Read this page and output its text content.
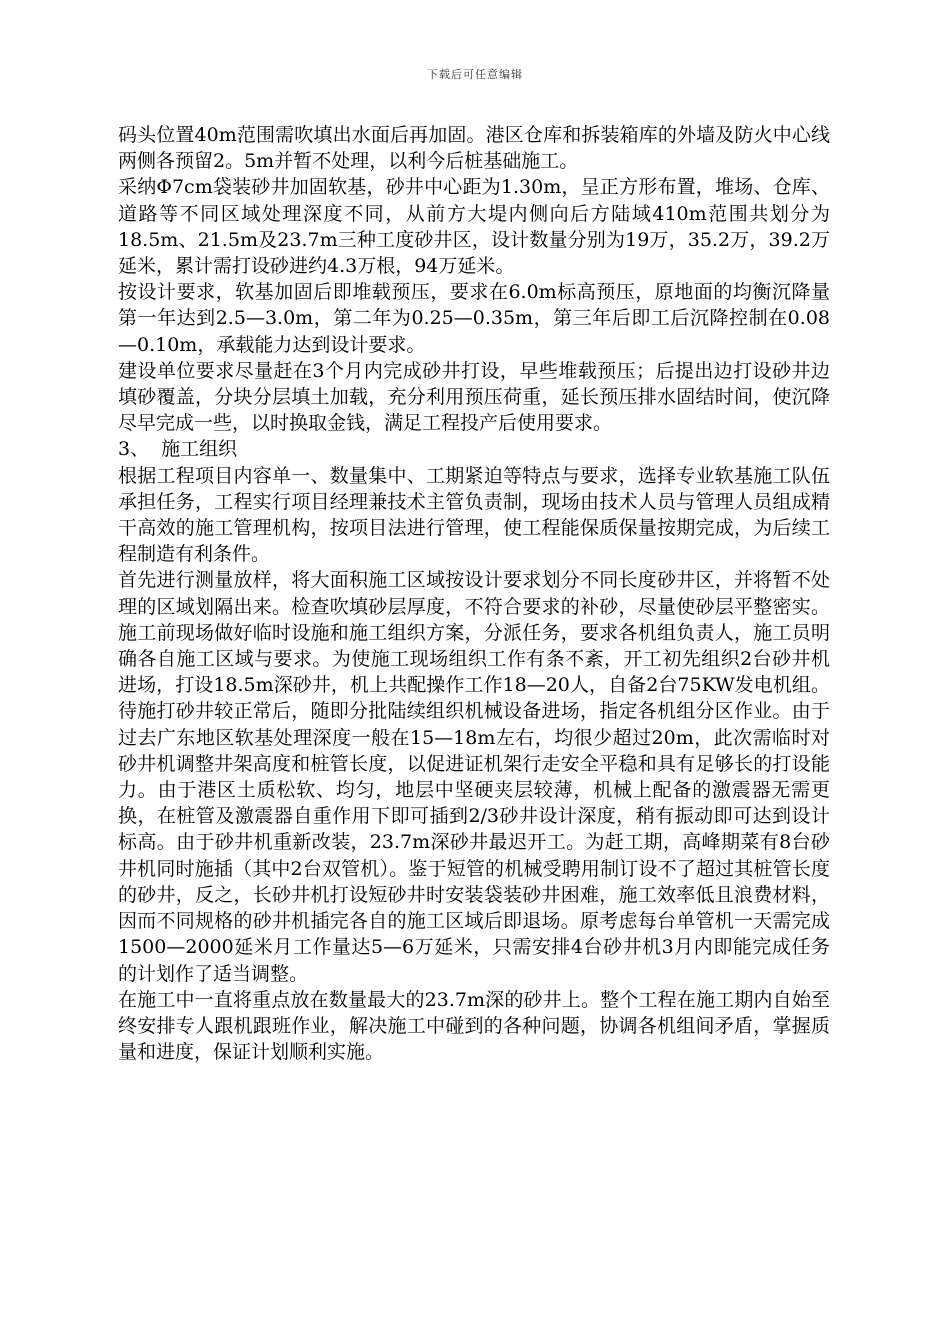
下载后可任意编辑

码头位置40m范围需吹填出水面后再加固。港区仓库和拆装箱库的外墙及防火中心线两侧各预留2。5m并暂不处理，以利今后桩基础施工。

采纳Φ7cm袋装砂井加固软基，砂井中心距为1.30m，呈正方形布置，堆场、仓库、道路等不同区域处理深度不同，从前方大堤内侧向后方陆域410m范围共划分为18.5m、21.5m及23.7m三种工度砂井区，设计数量分别为19万，35.2万，39.2万延米，累计需打设砂进约4.3万根，94万延米。

按设计要求，软基加固后即堆载预压，要求在6.0m标高预压，原地面的均衡沉降量第一年达到2.5—3.0m，第二年为0.25—0.35m，第三年后即工后沉降控制在0.08—0.10m，承载能力达到设计要求。

建设单位要求尽量赶在3个月内完成砂井打设，早些堆载预压；后提出边打设砂井边填砂覆盖，分块分层填土加载，充分利用预压荷重，延长预压排水固结时间，使沉降尽早完成一些，以时换取金钱，满足工程投产后使用要求。

3、  施工组织

根据工程项目内容单一、数量集中、工期紧迫等特点与要求，选择专业软基施工队伍承担任务，工程实行项目经理兼技术主管负责制，现场由技术人员与管理人员组成精干高效的施工管理机构，按项目法进行管理，使工程能保质保量按期完成，为后续工程制造有利条件。

首先进行测量放样，将大面积施工区域按设计要求划分不同长度砂井区，并将暂不处理的区域划隔出来。检查吹填砂层厚度，不符合要求的补砂，尽量使砂层平整密实。施工前现场做好临时设施和施工组织方案，分派任务，要求各机组负责人，施工员明确各自施工区域与要求。为使施工现场组织工作有条不紊，开工初先组织2台砂井机进场，打设18.5m深砂井，机上共配操作工作18—20人，自备2台75KW发电机组。待施打砂井较正常后，随即分批陆续组织机械设备进场，指定各机组分区作业。由于过去广东地区软基处理深度一般在15—18m左右，均很少超过20m，此次需临时对砂井机调整井架高度和桩管长度，以促进证机架行走安全平稳和具有足够长的打设能力。由于港区土质松软、均匀，地层中坚硬夹层较薄，机械上配备的激震器无需更换，在桩管及激震器自重作用下即可插到2/3砂井设计深度，稍有振动即可达到设计标高。由于砂井机重新改装，23.7m深砂井最迟开工。为赶工期，高峰期菜有8台砂井机同时施插（其中2台双管机）。鉴于短管的机械受聘用制订设不了超过其桩管长度的砂井，反之，长砂井机打设短砂井时安装袋装砂井困难，施工效率低且浪费材料，因而不同规格的砂井机插完各自的施工区域后即退场。原考虑每台单管机一天需完成1500—2000延米月工作量达5—6万延米，只需安排4台砂井机3月内即能完成任务的计划作了适当调整。

在施工中一直将重点放在数量最大的23.7m深的砂井上。整个工程在施工期内自始至终安排专人跟机跟班作业，解决施工中碰到的各种问题，协调各机组间矛盾，掌握质量和进度，保证计划顺利实施。
